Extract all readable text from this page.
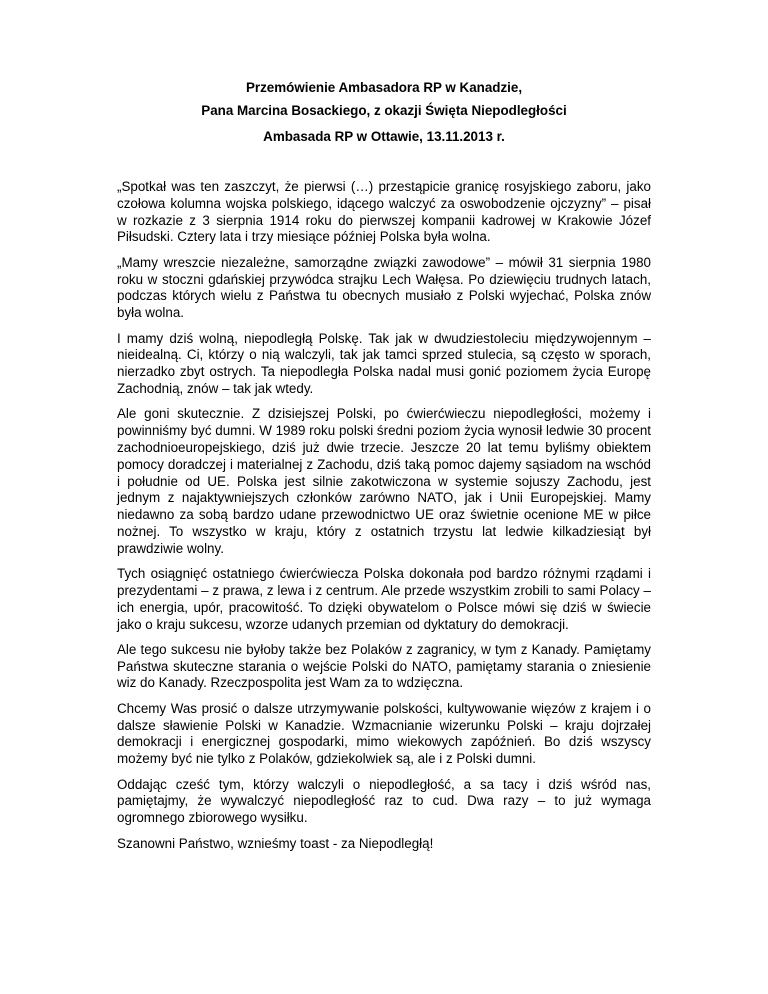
Przemówienie Ambasadora RP w Kanadzie,
Pana Marcina Bosackiego, z okazji Święta Niepodległości
Ambasada RP w Ottawie, 13.11.2013 r.

„Spotkał was ten zaszczyt, że pierwsi (…) przestąpicie granicę rosyjskiego zaboru, jako czołowa kolumna wojska polskiego, idącego walczyć za oswobodzenie ojczyzny” – pisał w rozkazie z 3 sierpnia 1914 roku do pierwszej kompanii kadrowej w Krakowie Józef Piłsudski. Cztery lata i trzy miesiące później Polska była wolna.

„Mamy wreszcie niezależne, samorządne związki zawodowe” – mówił 31 sierpnia 1980 roku w stoczni gdańskiej przywódca strajku Lech Wałęsa. Po dziewięciu trudnych latach, podczas których wielu z Państwa tu obecnych musiało z Polski wyjechać, Polska znów była wolna.

I mamy dziś wolną, niepodległą Polskę. Tak jak w dwudziestoleciu międzywojennym – nieidealną. Ci, którzy o nią walczyli, tak jak tamci sprzed stulecia, są często w sporach, nierzadko zbyt ostrych. Ta niepodległa Polska nadal musi gonić poziomem życia Europę Zachodnią, znów – tak jak wtedy.

Ale goni skutecznie. Z dzisiejszej Polski, po ćwierćwieczu niepodległości, możemy i powinniśmy być dumni. W 1989 roku polski średni poziom życia wynosił ledwie 30 procent zachodnioeuropejskiego, dziś już dwie trzecie. Jeszcze 20 lat temu byliśmy obiektem pomocy doradczej i materialnej z Zachodu, dziś taką pomoc dajemy sąsiadom na wschód i południe od UE. Polska jest silnie zakotwiczona w systemie sojuszy Zachodu, jest jednym z najaktywniejszych członków zarówno NATO, jak i Unii Europejskiej. Mamy niedawno za sobą bardzo udane przewodnictwo UE oraz świetnie ocenione ME w piłce nożnej. To wszystko w kraju, który z ostatnich trzystu lat ledwie kilkadziesiąt był prawdziwie wolny.

Tych osiągnięć ostatniego ćwierćwiecza Polska dokonała pod bardzo różnymi rządami i prezydentami – z prawa, z lewa i z centrum. Ale przede wszystkim zrobili to sami Polacy – ich energia, upór, pracowitość. To dzięki obywatelom o Polsce mówi się dziś w świecie jako o kraju sukcesu, wzorze udanych przemian od dyktatury do demokracji.

Ale tego sukcesu nie byłoby także bez Polaków z zagranicy, w tym z Kanady. Pamiętamy Państwa skuteczne starania o wejście Polski do NATO, pamiętamy starania o zniesienie wiz do Kanady. Rzeczpospolita jest Wam za to wdzięczna.

Chcemy Was prosić o dalsze utrzymywanie polskości, kultywowanie więzów z krajem i o dalsze sławienie Polski w Kanadzie. Wzmacnianie wizerunku Polski – kraju dojrzałej demokracji i energicznej gospodarki, mimo wiekowych zapóźnień. Bo dziś wszyscy możemy być nie tylko z Polaków, gdziekolwiek są, ale i z Polski dumni.

Oddając cześć tym, którzy walczyli o niepodległość, a sa tacy i dziś wśród nas, pamiętajmy, że wywalczyć niepodległość raz to cud. Dwa razy – to już wymaga ogromnego zbiorowego wysiłku.

Szanowni Państwo, wznieśmy toast - za Niepodległą!
